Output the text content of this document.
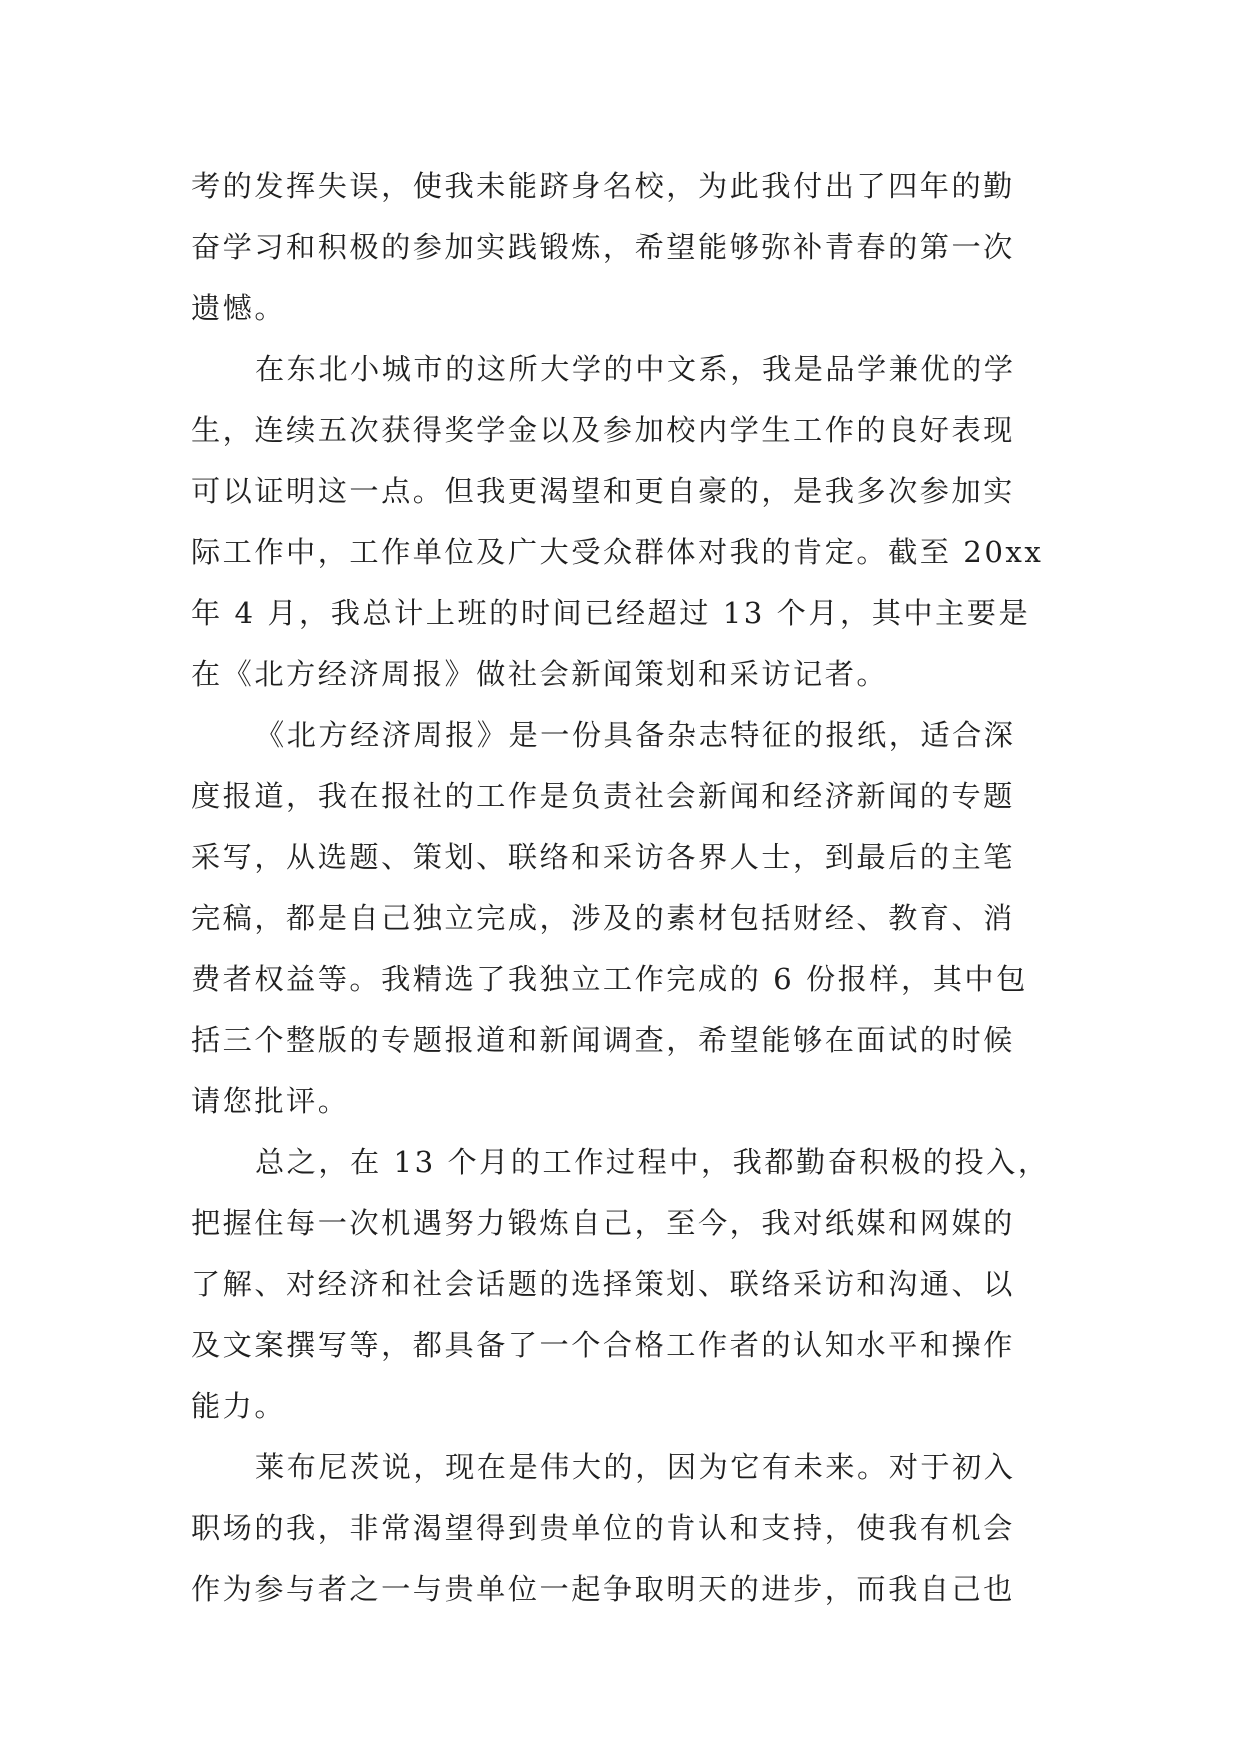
考的发挥失误，使我未能跻身名校，为此我付出了四年的勤
奋学习和积极的参加实践锻炼，希望能够弥补青春的第一次
遗憾。
在东北小城市的这所大学的中文系，我是品学兼优的学
生，连续五次获得奖学金以及参加校内学生工作的良好表现
可以证明这一点。但我更渴望和更自豪的，是我多次参加实
际工作中，工作单位及广大受众群体对我的肯定。截至 20xx
年 4 月，我总计上班的时间已经超过 13 个月，其中主要是
在《北方经济周报》做社会新闻策划和采访记者。
《北方经济周报》是一份具备杂志特征的报纸，适合深
度报道，我在报社的工作是负责社会新闻和经济新闻的专题
采写，从选题、策划、联络和采访各界人士，到最后的主笔
完稿，都是自己独立完成，涉及的素材包括财经、教育、消
费者权益等。我精选了我独立工作完成的 6 份报样，其中包
括三个整版的专题报道和新闻调查，希望能够在面试的时候
请您批评。
总之，在 13 个月的工作过程中，我都勤奋积极的投入，
把握住每一次机遇努力锻炼自己，至今，我对纸媒和网媒的
了解、对经济和社会话题的选择策划、联络采访和沟通、以
及文案撰写等，都具备了一个合格工作者的认知水平和操作
能力。
莱布尼茨说，现在是伟大的，因为它有未来。对于初入
职场的我，非常渴望得到贵单位的肯认和支持，使我有机会
作为参与者之一与贵单位一起争取明天的进步，而我自己也
